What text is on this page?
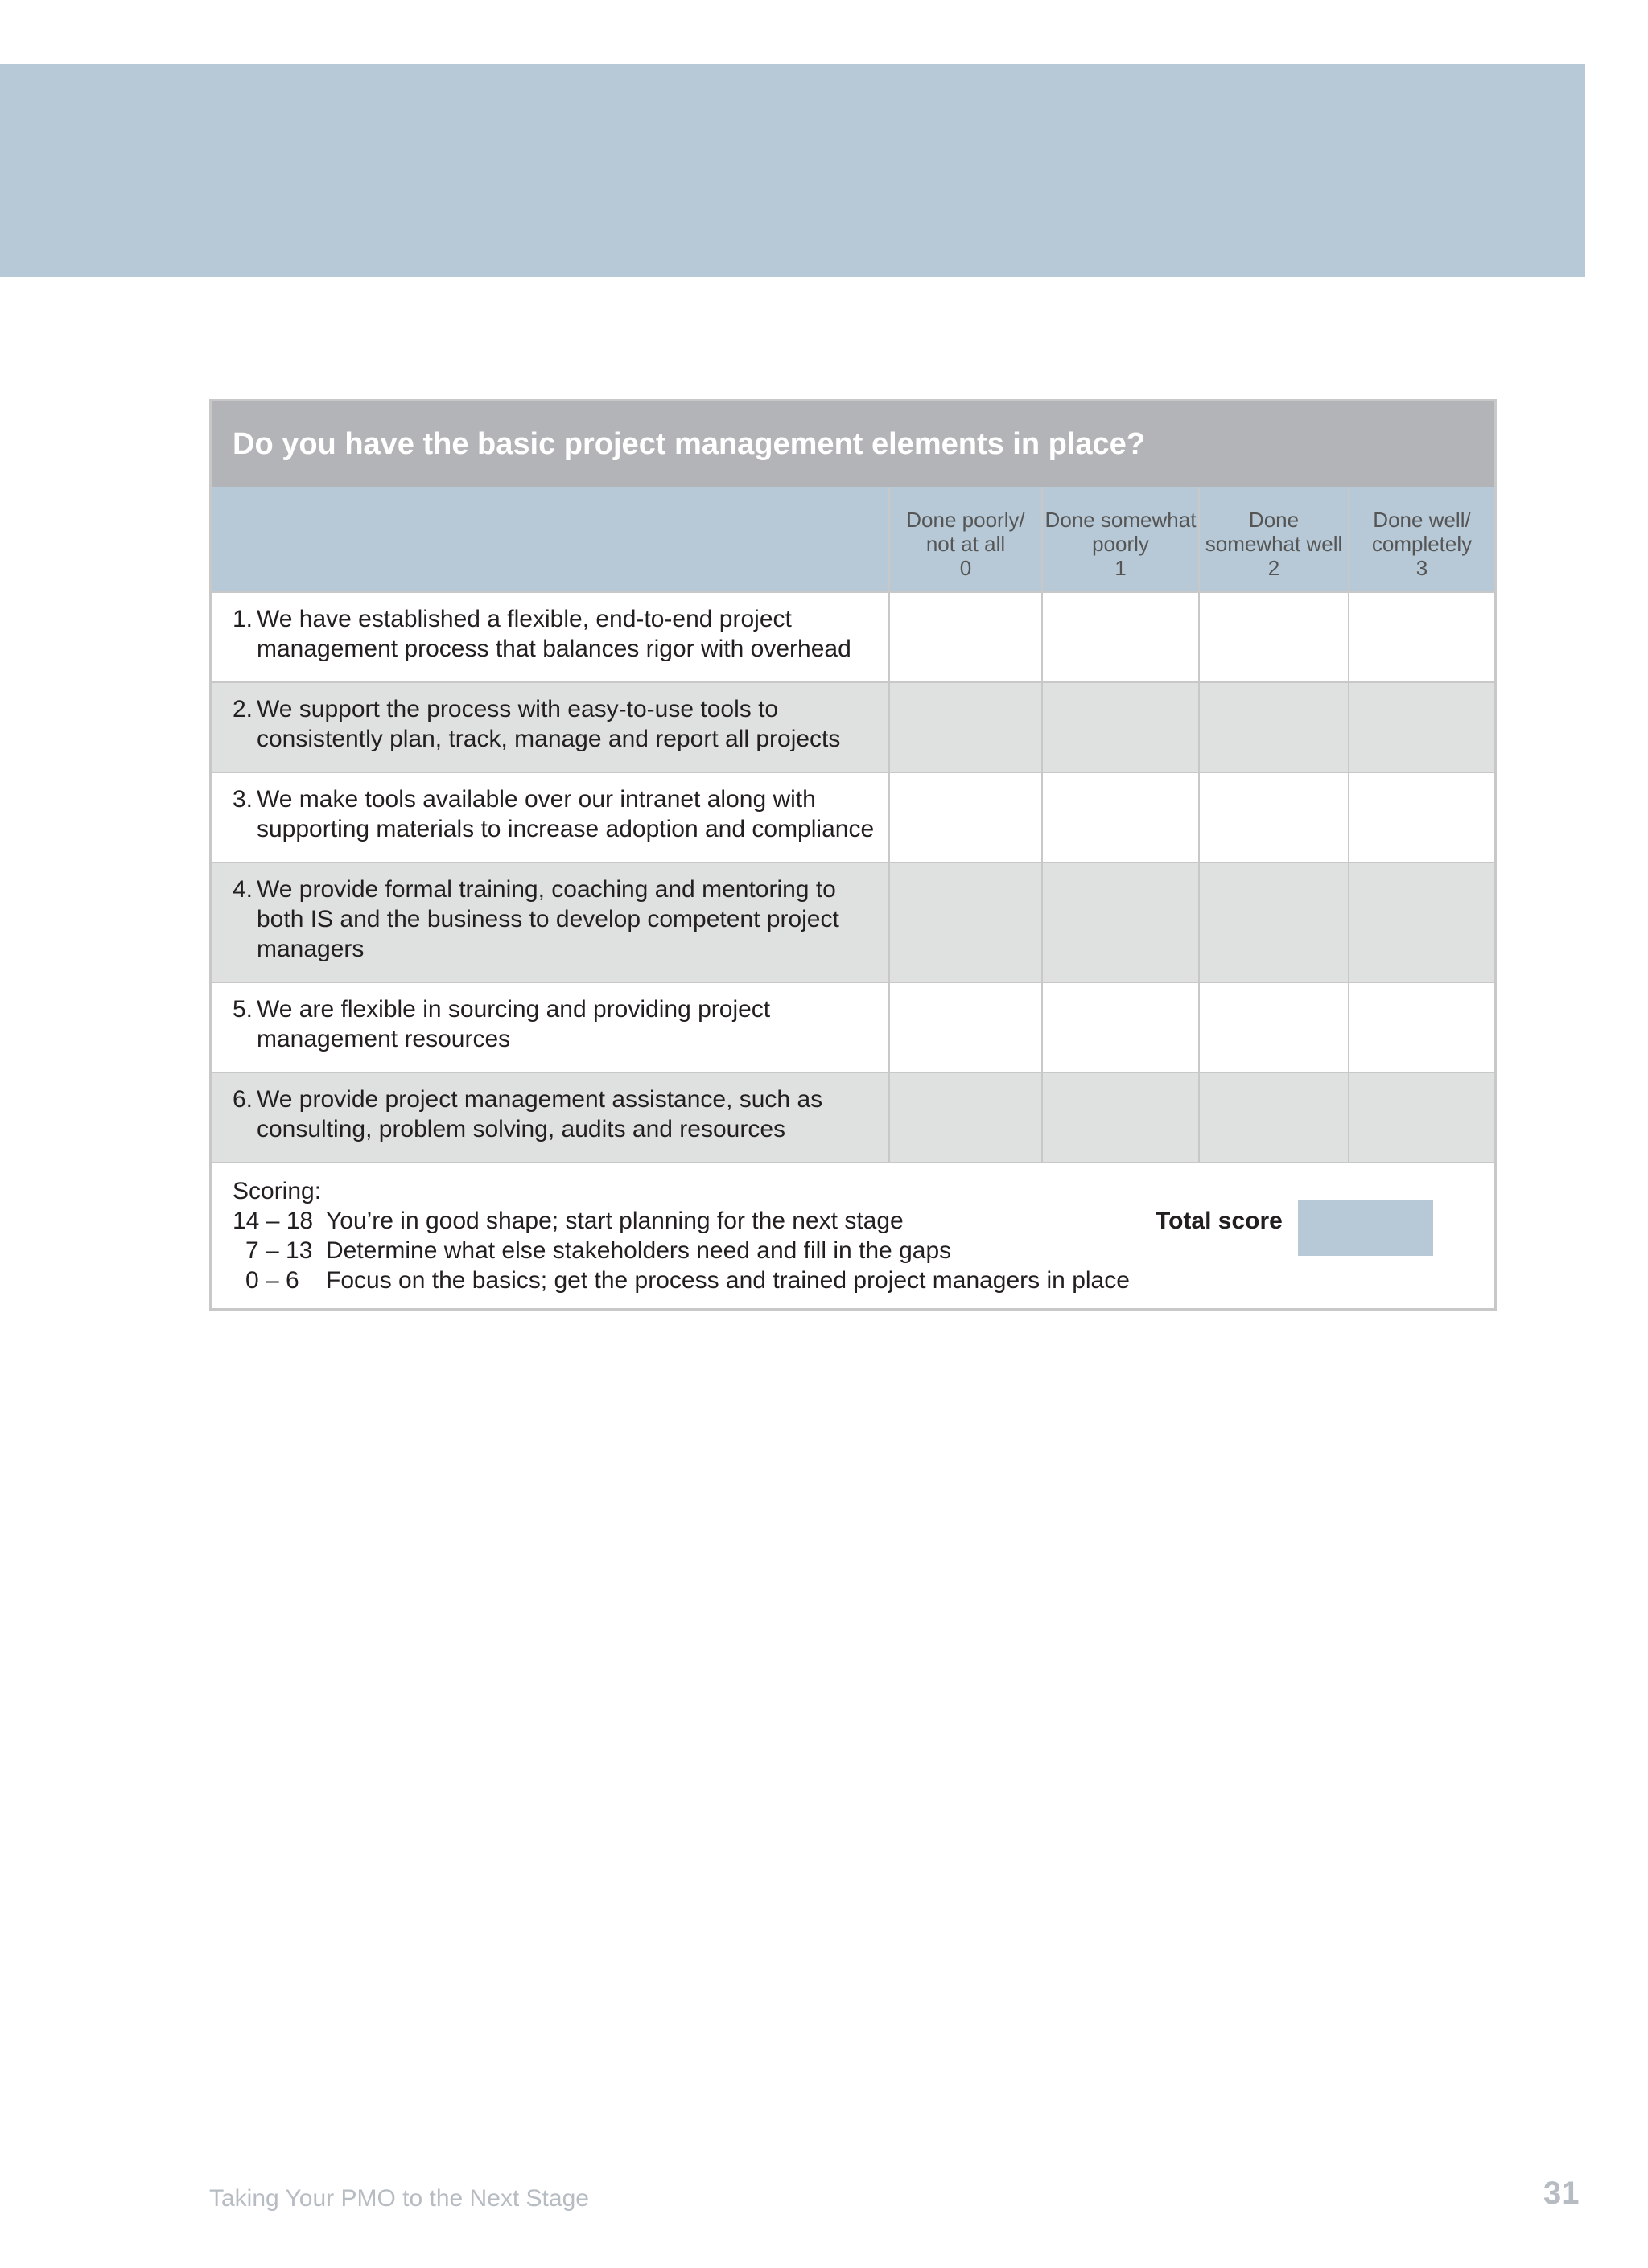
Do you have the basic project management elements in place?
Done poorly/
not at all
0
Done somewhat
poorly
1
Done
somewhat well
2
Done well/
completely
3
1. We have established a flexible, end-to-end project
management process that balances rigor with overhead
2. We support the process with easy-to-use tools to
consistently plan, track, manage and report all projects
3. We make tools available over our intranet along with
supporting materials to increase adoption and compliance
4. We provide formal training, coaching and mentoring to
both IS and the business to develop competent project
managers
5. We are flexible in sourcing and providing project
management resources
6. We provide project management assistance, such as
consulting, problem solving, audits and resources
Scoring:
14 – 18 You’re in good shape; start planning for the next stage
7 – 13 Determine what else stakeholders need and fill in the gaps
0 – 6 Focus on the basics; get the process and trained project managers in place
Total score
Taking Your PMO to the Next Stage	31
